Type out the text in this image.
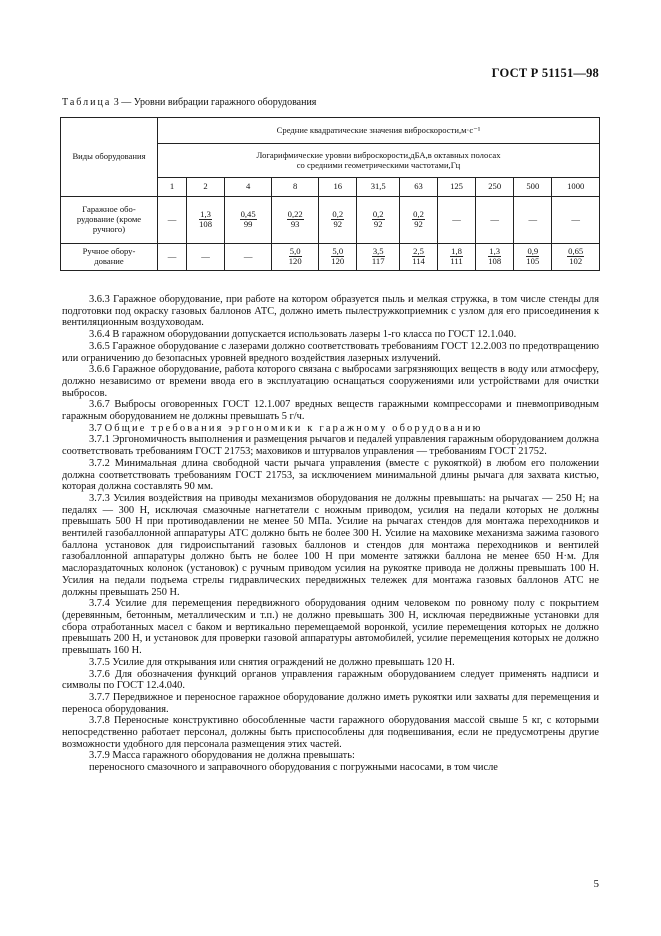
ГОСТ Р 51151—98
Таблица 3 — Уровни вибрации гаражного оборудования
Виды оборудования	Средние квадратические значения виброскорости,м·с⁻¹										
	Логарифмические уровни виброскорости,дБА,в октавных полосах
со средними геометрическими частотами,Гц										
	1	2	4	8	16	31,5	63	125	250	500	1000
Гаражное обо-
рудование (кроме
ручного)	—	$\frac{1,3}{108}$	$\frac{0,45}{99}$	$\frac{0,22}{93}$	$\frac{0,2}{92}$	$\frac{0,2}{92}$	$\frac{0,2}{92}$	—	—	—	—
Ручное обору-
дование	—	—	—	$\frac{5,0}{120}$	$\frac{5,0}{120}$	$\frac{3,5}{117}$	$\frac{2,5}{114}$	$\frac{1,8}{111}$	$\frac{1,3}{108}$	$\frac{0,9}{105}$	$\frac{0,65}{102}$

3.6.3 Гаражное оборудование, при работе на котором образуется пыль и мелкая стружка, в том числе стенды для подготовки под окраску газовых баллонов АТС, должно иметь пылестружкоприемник с узлом для его присоединения к вентиляционным воздуховодам.

3.6.4 В гаражном оборудовании допускается использовать лазеры 1-го класса по ГОСТ 12.1.040.

3.6.5 Гаражное оборудование с лазерами должно соответствовать требованиям ГОСТ 12.2.003 по предотвращению или ограничению до безопасных уровней вредного воздействия лазерных излучений.

3.6.6 Гаражное оборудование, работа которого связана с выбросами загрязняющих веществ в воду или атмосферу, должно независимо от времени ввода его в эксплуатацию оснащаться сооружениями или устройствами для очистки выбросов.

3.6.7 Выбросы оговоренных ГОСТ 12.1.007 вредных веществ гаражными компрессорами и пневмоприводным гаражным оборудованием не должны превышать 5 г/ч.

3.7 Общие требования эргономики к гаражному оборудованию

3.7.1 Эргономичность выполнения и размещения рычагов и педалей управления гаражным оборудованием должна соответствовать требованиям ГОСТ 21753; маховиков и штурвалов управления — требованиям ГОСТ 21752.

3.7.2 Минимальная длина свободной части рычага управления (вместе с рукояткой) в любом его положении должна соответствовать требованиям ГОСТ 21753, за исключением минимальной длины рычага для захвата кистью, которая должна составлять 90 мм.

3.7.3 Усилия воздействия на приводы механизмов оборудования не должны превышать: на рычагах — 250 Н; на педалях — 300 Н, исключая смазочные нагнетатели с ножным приводом, усилия на педали которых не должны превышать 500 Н при противодавлении не менее 50 МПа. Усилие на рычагах стендов для монтажа переходников и вентилей газобаллонной аппаратуры АТС должно быть не более 300 Н. Усилие на маховике механизма зажима газового баллона установок для гидроиспытаний газовых баллонов и стендов для монтажа переходников и вентилей газобаллонной аппаратуры должно быть не более 100 Н при моменте затяжки баллона не менее 650 Н·м. Для маслораздаточных колонок (установок) с ручным приводом усилия на рукоятке привода не должны превышать 100 Н. Усилия на педали подъема стрелы гидравлических передвижных тележек для монтажа газовых баллонов АТС не должны превышать 250 Н.

3.7.4 Усилие для перемещения передвижного оборудования одним человеком по ровному полу с покрытием (деревянным, бетонным, металлическим и т.п.) не должно превышать 300 Н, исключая передвижные установки для сбора отработанных масел с баком и вертикально перемещаемой воронкой, усилие перемещения которых не должно превышать 200 Н, и установок для проверки газовой аппаратуры автомобилей, усилие перемещения которых не должно превышать 160 Н.

3.7.5 Усилие для открывания или снятия ограждений не должно превышать 120 Н.

3.7.6 Для обозначения функций органов управления гаражным оборудованием следует применять надписи и символы по ГОСТ 12.4.040.

3.7.7 Передвижное и переносное гаражное оборудование должно иметь рукоятки или захваты для перемещения и переноса оборудования.

3.7.8 Переносные конструктивно обособленные части гаражного оборудования массой свыше 5 кг, с которыми непосредственно работает персонал, должны быть приспособлены для подвешивания, если не предусмотрены другие возможности удобного для персонала размещения этих частей.

3.7.9 Масса гаражного оборудования не должна превышать:

переносного смазочного и заправочного оборудования с погружными насосами, в том числе

5
